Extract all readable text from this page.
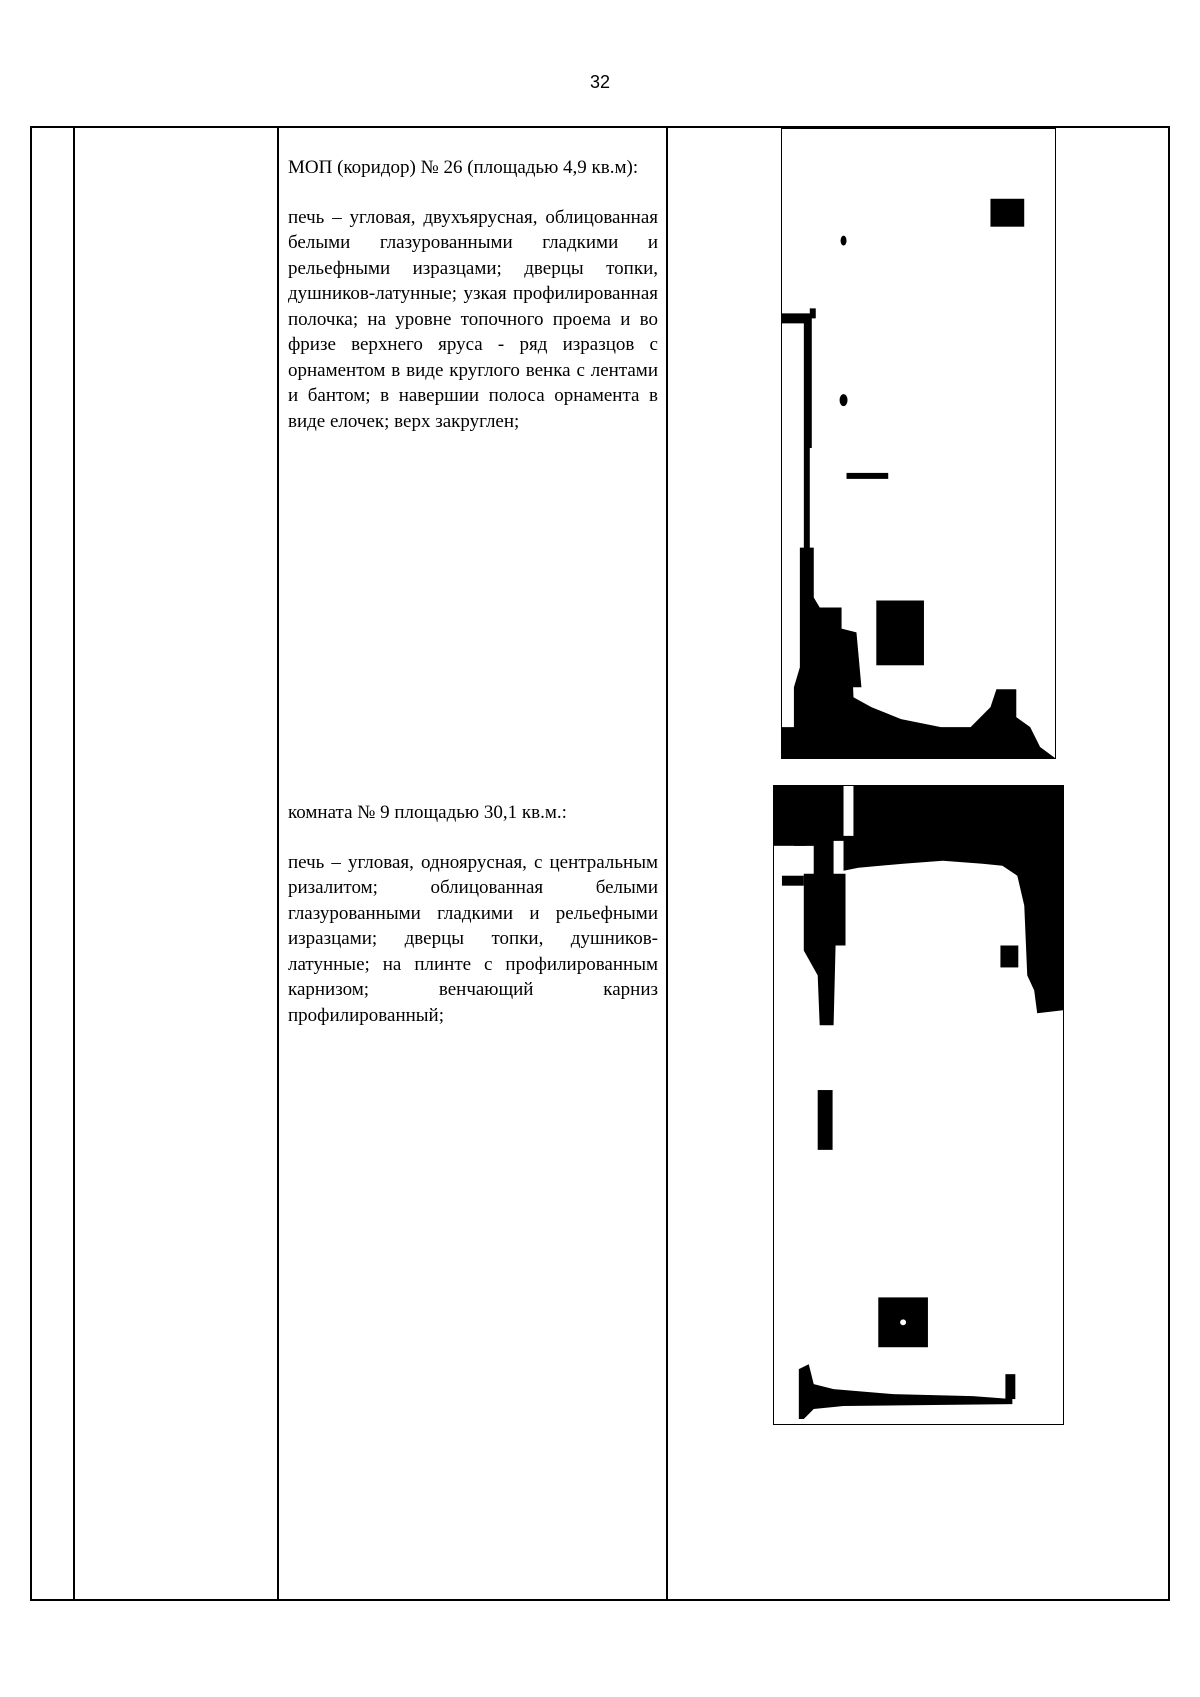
32

МОП (коридор) № 26 (площадью 4,9 кв.м):

печь – угловая, двухъярусная, облицованная белыми глазурованными гладкими и рельефными изразцами; дверцы топки, душников-латунные; узкая профилированная полочка; на уровне топочного проема и во фризе верхнего яруса - ряд изразцов с орнаментом в виде круглого венка с лентами и бантом; в навершии полоса орнамента в виде елочек; верх закруглен;

комната № 9 площадью 30,1 кв.м.:

печь – угловая, одноярусная, с центральным ризалитом; облицованная белыми глазурованными гладкими и рельефными изразцами; дверцы топки, душников-латунные; на плинте с профилированным карнизом; венчающий карниз профилированный;
